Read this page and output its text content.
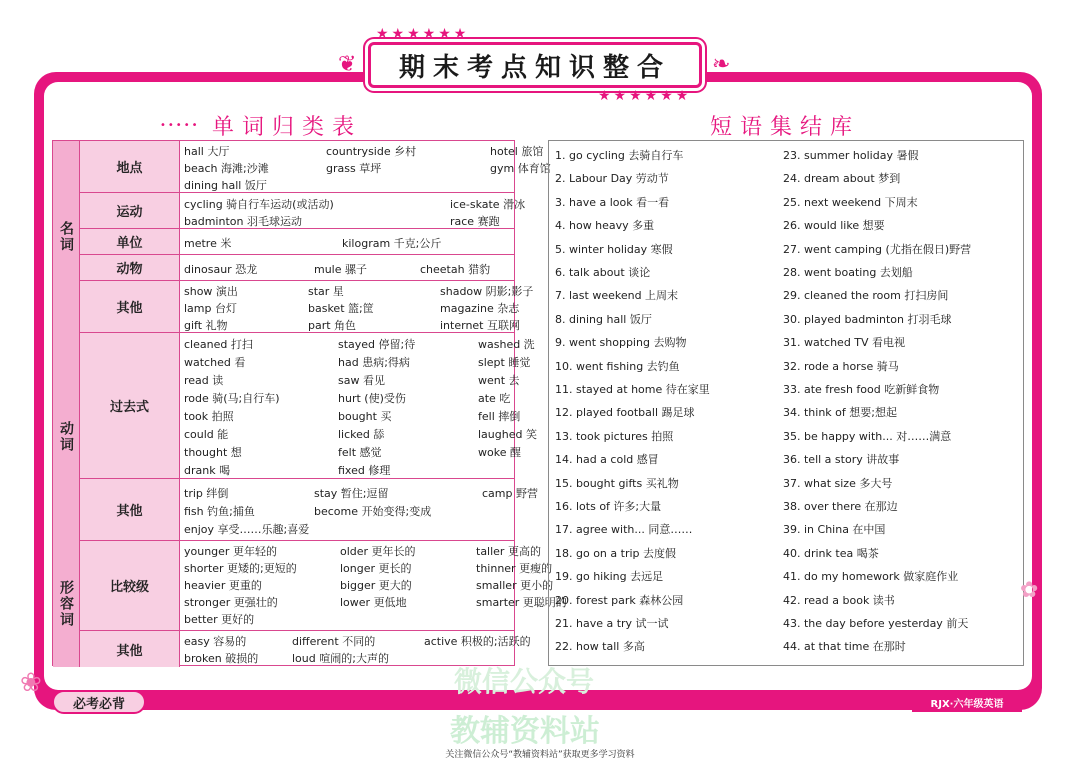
★★★★★★
❦ 期末考点知识整合 ❧
★★★★★★
••••• 单词归类表	短语集结库
名词
地点
hall 大厅	countryside 乡村	hotel 旅馆
beach 海滩;沙滩	grass 草坪	gym 体育馆
dining hall 饭厅
运动
cycling 骑自行车运动(或活动)	ice-skate 滑冰
badminton 羽毛球运动	race 赛跑
单位	metre 米	kilogram 千克;公斤
动物	dinosaur 恐龙	mule 骡子	cheetah 猎豹
其他
show 演出	star 星	shadow 阴影;影子
lamp 台灯	basket 篮;筐	magazine 杂志
gift 礼物	part 角色	internet 互联网
动词
过去式
cleaned 打扫	stayed 停留;待	washed 洗
watched 看	had 患病;得病	slept 睡觉
read 读	saw 看见	went 去
rode 骑(马;自行车)	hurt (使)受伤	ate 吃
took 拍照	bought 买	fell 摔倒
could 能	licked 舔	laughed 笑
thought 想	felt 感觉	woke 醒
drank 喝	fixed 修理
其他
trip 绊倒	stay 暂住;逗留	camp 野营
fish 钓鱼;捕鱼	become 开始变得;变成
enjoy 享受……乐趣;喜爱
形容词	比较级
younger 更年轻的	older 更年长的	taller 更高的
shorter 更矮的;更短的	longer 更长的	thinner 更瘦的
heavier 更重的	bigger 更大的	smaller 更小的
stronger 更强壮的	lower 更低地	smarter 更聪明的
better 更好的
其他
easy 容易的	different 不同的	active 积极的;活跃的
broken 破损的	loud 喧闹的;大声的
1. go cycling 去骑自行车
2. Labour Day 劳动节
3. have a look 看一看
4. how heavy 多重
5. winter holiday 寒假
6. talk about 谈论
7. last weekend 上周末
8. dining hall 饭厅
9. went shopping 去购物
10. went fishing 去钓鱼
11. stayed at home 待在家里
12. played football 踢足球
13. took pictures 拍照
14. had a cold 感冒
15. bought gifts 买礼物
16. lots of 许多;大量
17. agree with... 同意……
18. go on a trip 去度假
19. go hiking 去远足
20. forest park 森林公园
21. have a try 试一试
22. how tall 多高
23. summer holiday 暑假
24. dream about 梦到
25. next weekend 下周末
26. would like 想要
27. went camping (尤指在假日)野营
28. went boating 去划船
29. cleaned the room 打扫房间
30. played badminton 打羽毛球
31. watched TV 看电视
32. rode a horse 骑马
33. ate fresh food 吃新鲜食物
34. think of 想要;想起
35. be happy with... 对……满意
36. tell a story 讲故事
37. what size 多大号
38. over there 在那边
39. in China 在中国
40. drink tea 喝茶
41. do my homework 做家庭作业
42. read a book 读书
43. the day before yesterday 前天
44. at that time 在那时
微信公众号
教辅资料站
✿
❀
必考必背	RJX·六年级英语
关注微信公众号“教辅资料站”获取更多学习资料
